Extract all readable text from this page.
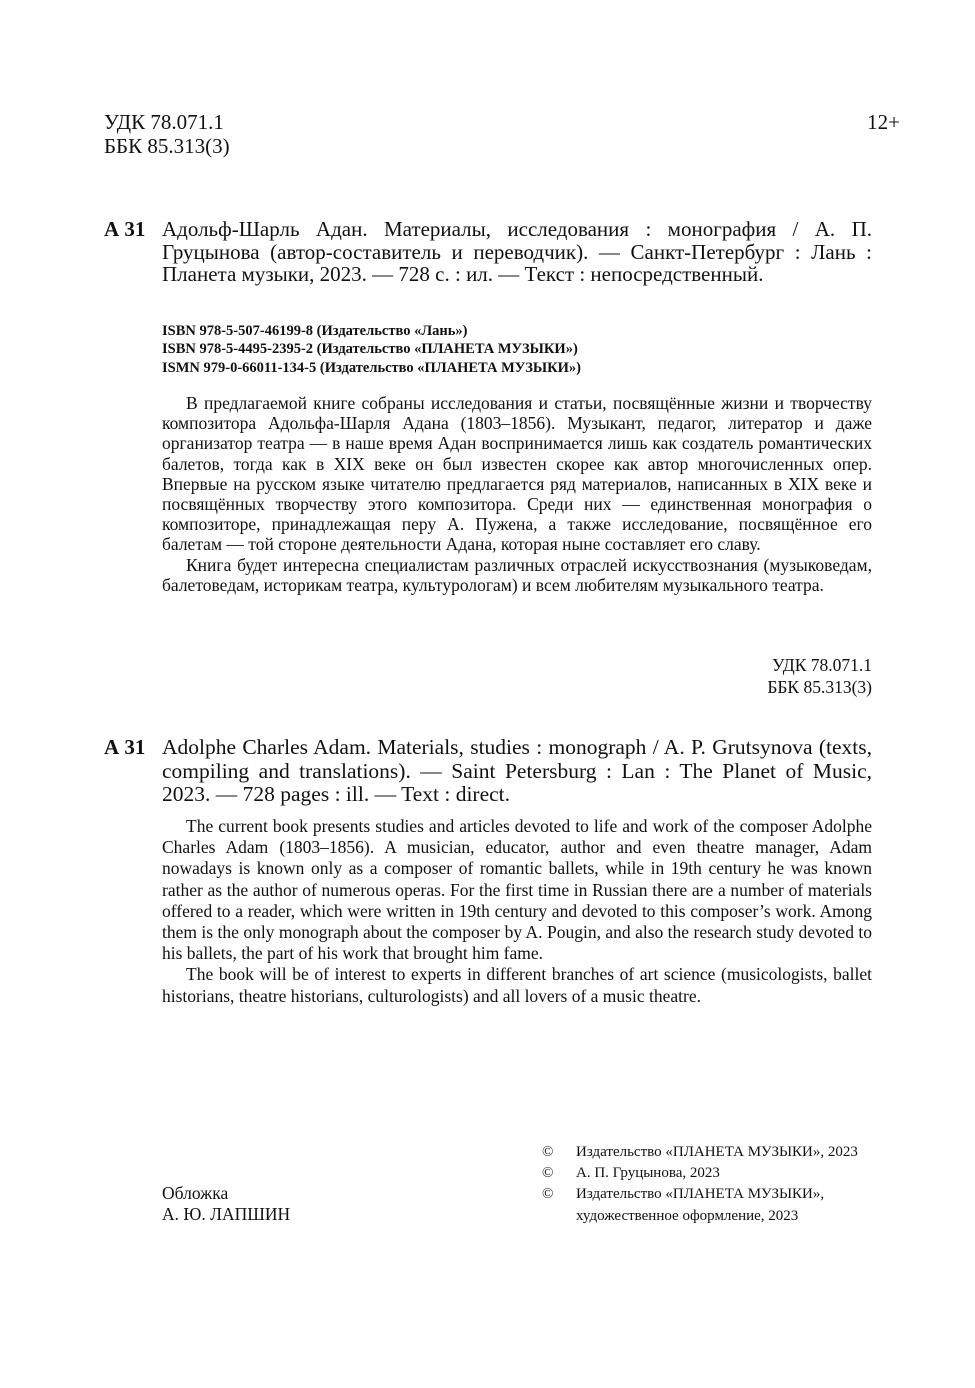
УДК 78.071.1
ББК 85.313(3)
12+
А 31 Адольф-Шарль Адан. Материалы, исследования : монография / А. П. Груцынова (автор-составитель и переводчик). — Санкт-Петербург : Лань : Планета музыки, 2023. — 728 с. : ил. — Текст : непосредственный.
ISBN 978-5-507-46199-8 (Издательство «Лань»)
ISBN 978-5-4495-2395-2 (Издательство «ПЛАНЕТА МУЗЫКИ»)
ISMN 979-0-66011-134-5 (Издательство «ПЛАНЕТА МУЗЫКИ»)

В предлагаемой книге собраны исследования и статьи, посвящённые жизни и творчеству композитора Адольфа-Шарля Адана (1803–1856). Музыкант, педагог, литератор и даже организатор театра — в наше время Адан воспринимается лишь как создатель романтических балетов, тогда как в XIX веке он был известен скорее как автор многочисленных опер. Впервые на русском языке читателю предлагается ряд материалов, написанных в XIX веке и посвящённых творчеству этого композитора. Среди них — единственная монография о композиторе, принадлежащая перу А. Пужена, а также исследование, посвящённое его балетам — той стороне деятельности Адана, которая ныне составляет его славу.

Книга будет интересна специалистам различных отраслей искусствознания (музыковедам, балетоведам, историкам театра, культурологам) и всем любителям музыкального театра.

УДК 78.071.1
ББК 85.313(3)
А 31 Adolphe Charles Adam. Materials, studies : monograph / A. P. Grutsynova (texts, compiling and translations). — Saint Petersburg : Lan : The Planet of Music, 2023. — 728 pages : ill. — Text : direct.

The current book presents studies and articles devoted to life and work of the composer Adolphe Charles Adam (1803–1856). A musician, educator, author and even theatre manager, Adam nowadays is known only as a composer of romantic ballets, while in 19th century he was known rather as the author of numerous operas. For the first time in Russian there are a number of materials offered to a reader, which were written in 19th century and devoted to this composer’s work. Among them is the only monograph about the composer by A. Pougin, and also the research study devoted to his ballets, the part of his work that brought him fame.

The book will be of interest to experts in different branches of art science (musicologists, ballet historians, theatre historians, culturologists) and all lovers of a music theatre.

Обложка
А. Ю. ЛАПШИН
©	Издательство «ПЛАНЕТА МУЗЫКИ», 2023
©	А. П. Груцынова, 2023
©	Издательство «ПЛАНЕТА МУЗЫКИ»,
художественное оформление, 2023
